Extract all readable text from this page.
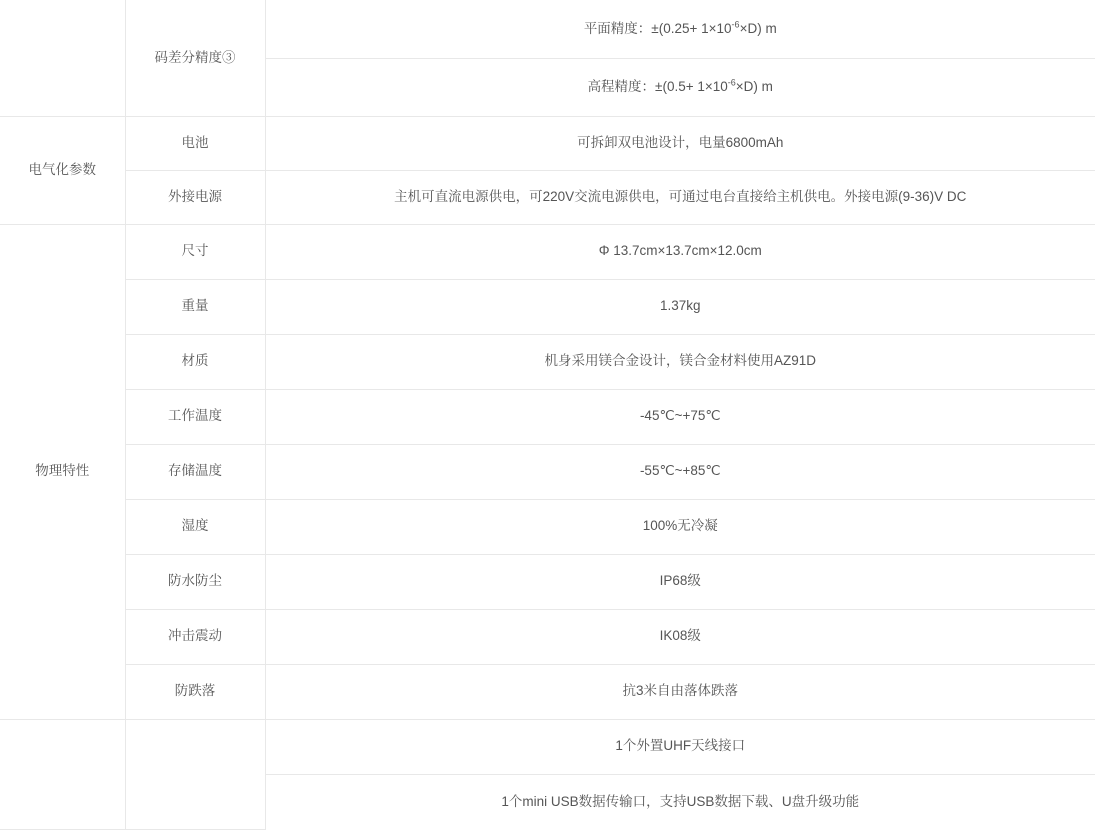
	码差分精度③	平面精度：$\pm(0.25+ 1\times 10^{-6}\times D)$ m
		高程精度：$\pm(0.5+ 1\times 10^{-6}\times D)$ m
电气化参数	电池	可拆卸双电池设计，电量6800mAh
	外接电源	主机可直流电源供电，可220V交流电源供电，可通过电台直接给主机供电。外接电源(9-36)V DC
物理特性	尺寸	Φ 13.7cm×13.7cm×12.0cm
	重量	1.37kg
	材质	机身采用镁合金设计，镁合金材料使用AZ91D
	工作温度	-45℃~+75℃
	存储温度	-55℃~+85℃
	湿度	100%无冷凝
	防水防尘	IP68级
	冲击震动	IK08级
	防跌落	抗3米自由落体跌落
		1个外置UHF天线接口
		1个mini USB数据传输口，支持USB数据下载、U盘升级功能
